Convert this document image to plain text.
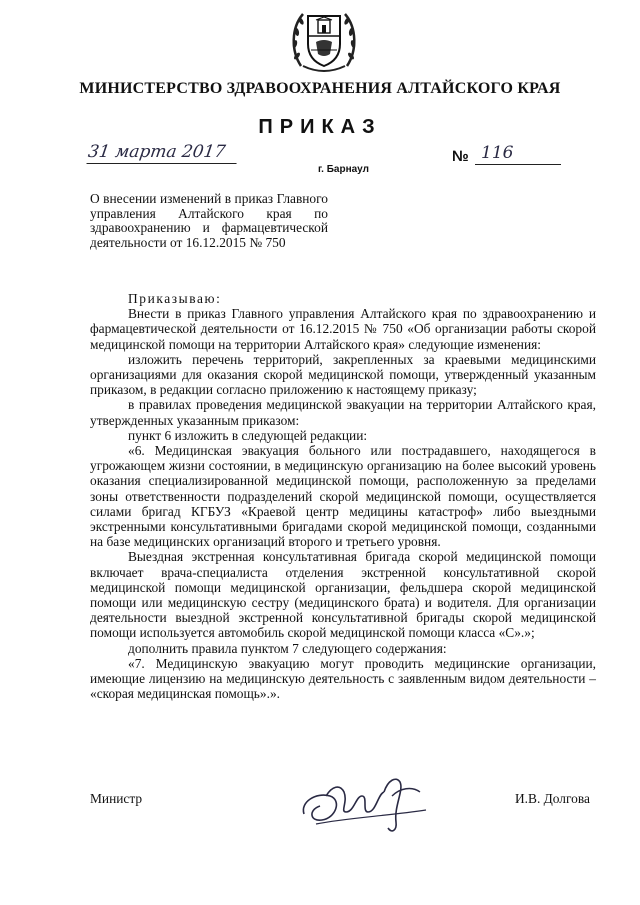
МИНИСТЕРСТВО ЗДРАВООХРАНЕНИЯ АЛТАЙСКОГО КРАЯ
ПРИКАЗ
31 марта 2017
г. Барнаул
№ 116
О внесении изменений в приказ Главного управления Алтайского края по здравоохранению и фармацевтической деятельности от 16.12.2015 № 750

Приказываю:

Внести в приказ Главного управления Алтайского края по здравоохранению и фармацевтической деятельности от 16.12.2015 № 750 «Об организации работы скорой медицинской помощи на территории Алтайского края» следующие изменения:

изложить перечень территорий, закрепленных за краевыми медицинскими организациями для оказания скорой медицинской помощи, утвержденный указанным приказом, в редакции согласно приложению к настоящему приказу;

в правилах проведения медицинской эвакуации на территории Алтайского края, утвержденных указанным приказом:

пункт 6 изложить в следующей редакции:

«6. Медицинская эвакуация больного или пострадавшего, находящегося в угрожающем жизни состоянии, в медицинскую организацию на более высокий уровень оказания специализированной медицинской помощи, расположенную за пределами зоны ответственности подразделений скорой медицинской помощи, осуществляется силами бригад КГБУЗ «Краевой центр медицины катастроф» либо выездными экстренными консультативными бригадами скорой медицинской помощи, созданными на базе медицинских организаций второго и третьего уровня.

Выездная экстренная консультативная бригада скорой медицинской помощи включает врача-специалиста отделения экстренной консультативной скорой медицинской помощи медицинской организации, фельдшера скорой медицинской помощи или медицинскую сестру (медицинского брата) и водителя. Для организации деятельности выездной экстренной консультативной бригады скорой медицинской помощи используется автомобиль скорой медицинской помощи класса «С».»;

дополнить правила пунктом 7 следующего содержания:

«7. Медицинскую эвакуацию могут проводить медицинские организации, имеющие лицензию на медицинскую деятельность с заявленным видом деятельности – «скорая медицинская помощь».».

Министр	И.В. Долгова
